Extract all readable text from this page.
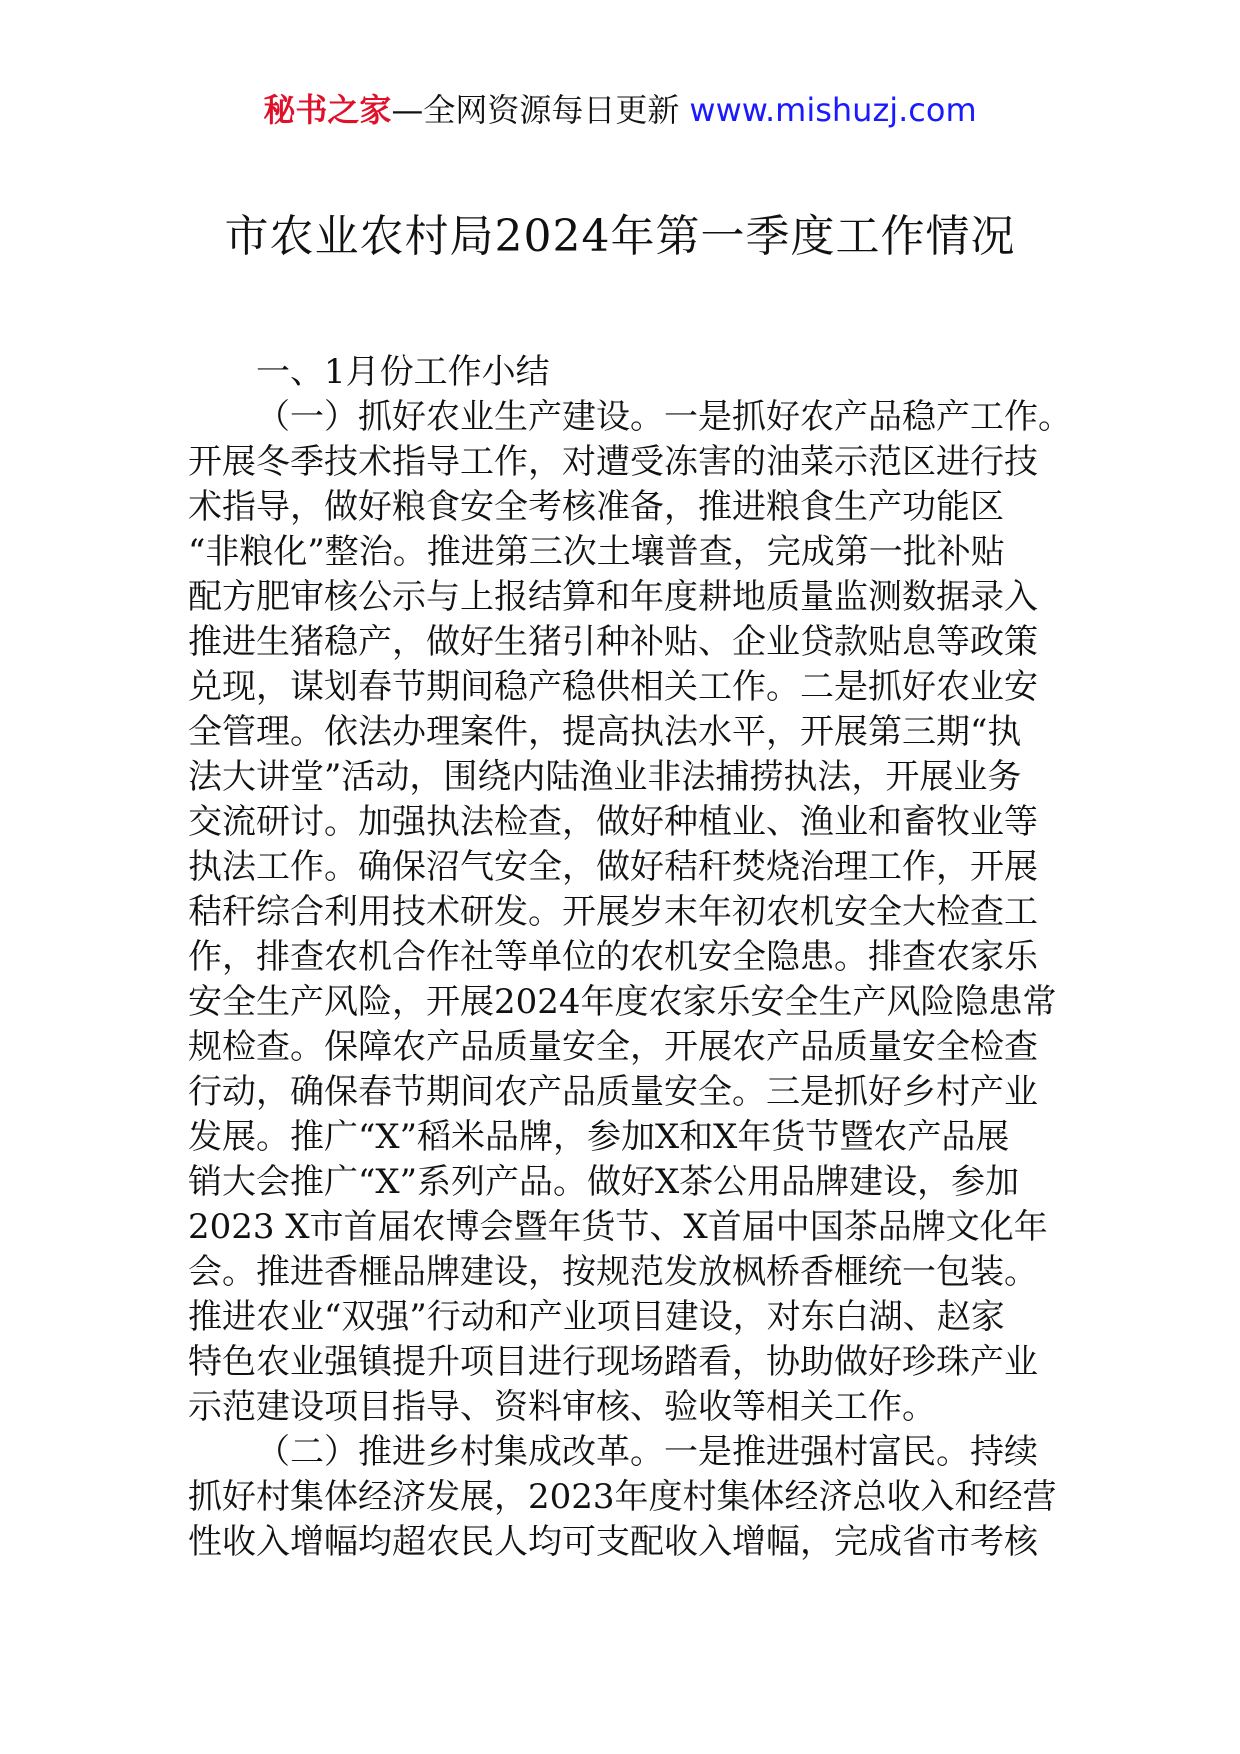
秘书之家—全网资源每日更新 www.mishuzj.com
市农业农村局2024年第一季度工作情况
一、1月份工作小结
（一）抓好农业生产建设。一是抓好农产品稳产工作。
开展冬季技术指导工作，对遭受冻害的油菜示范区进行技
术指导，做好粮食安全考核准备，推进粮食生产功能区
“非粮化”整治。推进第三次土壤普查，完成第一批补贴
配方肥审核公示与上报结算和年度耕地质量监测数据录入
推进生猪稳产，做好生猪引种补贴、企业贷款贴息等政策
兑现，谋划春节期间稳产稳供相关工作。二是抓好农业安
全管理。依法办理案件，提高执法水平，开展第三期“执
法大讲堂”活动，围绕内陆渔业非法捕捞执法，开展业务
交流研讨。加强执法检查，做好种植业、渔业和畜牧业等
执法工作。确保沼气安全，做好秸秆焚烧治理工作，开展
秸秆综合利用技术研发。开展岁末年初农机安全大检查工
作，排查农机合作社等单位的农机安全隐患。排查农家乐
安全生产风险，开展2024年度农家乐安全生产风险隐患常
规检查。保障农产品质量安全，开展农产品质量安全检查
行动，确保春节期间农产品质量安全。三是抓好乡村产业
发展。推广“X”稻米品牌，参加X和X年货节暨农产品展
销大会推广“X”系列产品。做好X茶公用品牌建设，参加
2023 X市首届农博会暨年货节、X首届中国茶品牌文化年
会。推进香榧品牌建设，按规范发放枫桥香榧统一包装。
推进农业“双强”行动和产业项目建设，对东白湖、赵家
特色农业强镇提升项目进行现场踏看，协助做好珍珠产业
示范建设项目指导、资料审核、验收等相关工作。
（二）推进乡村集成改革。一是推进强村富民。持续
抓好村集体经济发展，2023年度村集体经济总收入和经营
性收入增幅均超农民人均可支配收入增幅，完成省市考核
